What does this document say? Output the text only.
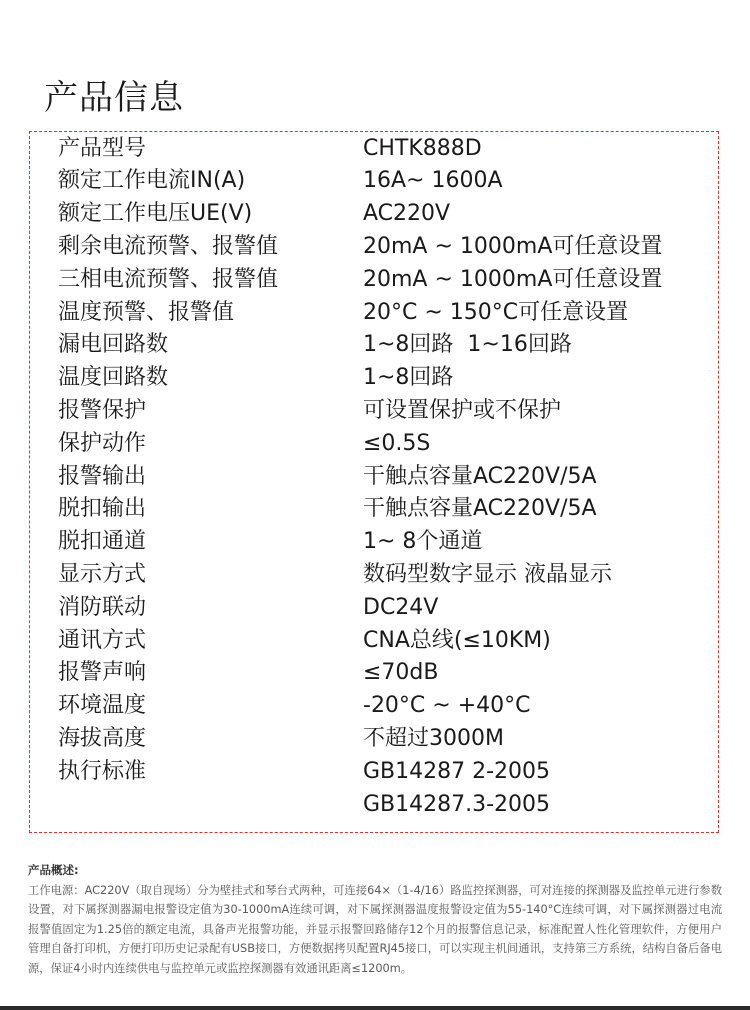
产品信息
产品型号	CHTK888D
额定工作电流IN(A)	16A~ 1600A
额定工作电压UE(V)	AC220V
剩余电流预警、报警值	20mA ~ 1000mA可任意设置
三相电流预警、报警值	20mA ~ 1000mA可任意设置
温度预警、报警值	20°C ~ 150°C可任意设置
漏电回路数	1~8回路  1~16回路
温度回路数	1~8回路
报警保护	可设置保护或不保护
保护动作	≤0.5S
报警输出	干触点容量AC220V/5A
脱扣输出	干触点容量AC220V/5A
脱扣通道	1~ 8个通道
显示方式	数码型数字显示 液晶显示
消防联动	DC24V
通讯方式	CNA总线(≤10KM)
报警声响	≤70dB
环境温度	-20°C ~ +40°C
海拔高度	不超过3000M
执行标准	GB14287 2-2005
GB14287.3-2005

产品概述:

工作电源：AC220V（取自现场）分为壁挂式和琴台式两种，可连接64×（1-4/16）路监控探测器，可对连接的探测器及监控单元进行参数设置，对下属探测器漏电报警设定值为30-1000mA连续可调，对下属探测器温度报警设定值为55-140°C连续可调，对下属探测器过电流报警值固定为1.25倍的额定电流，具备声光报警功能，并显示报警回路储存12个月的报警信息记录，标准配置人性化管理软件，方便用户管理自备打印机，方便打印历史记录配有USB接口，方便数据拷贝配置RJ45接口，可以实现主机间通讯，支持第三方系统，结构自备后备电源，保证4小时内连续供电与监控单元或监控探测器有效通讯距离≤1200m。
